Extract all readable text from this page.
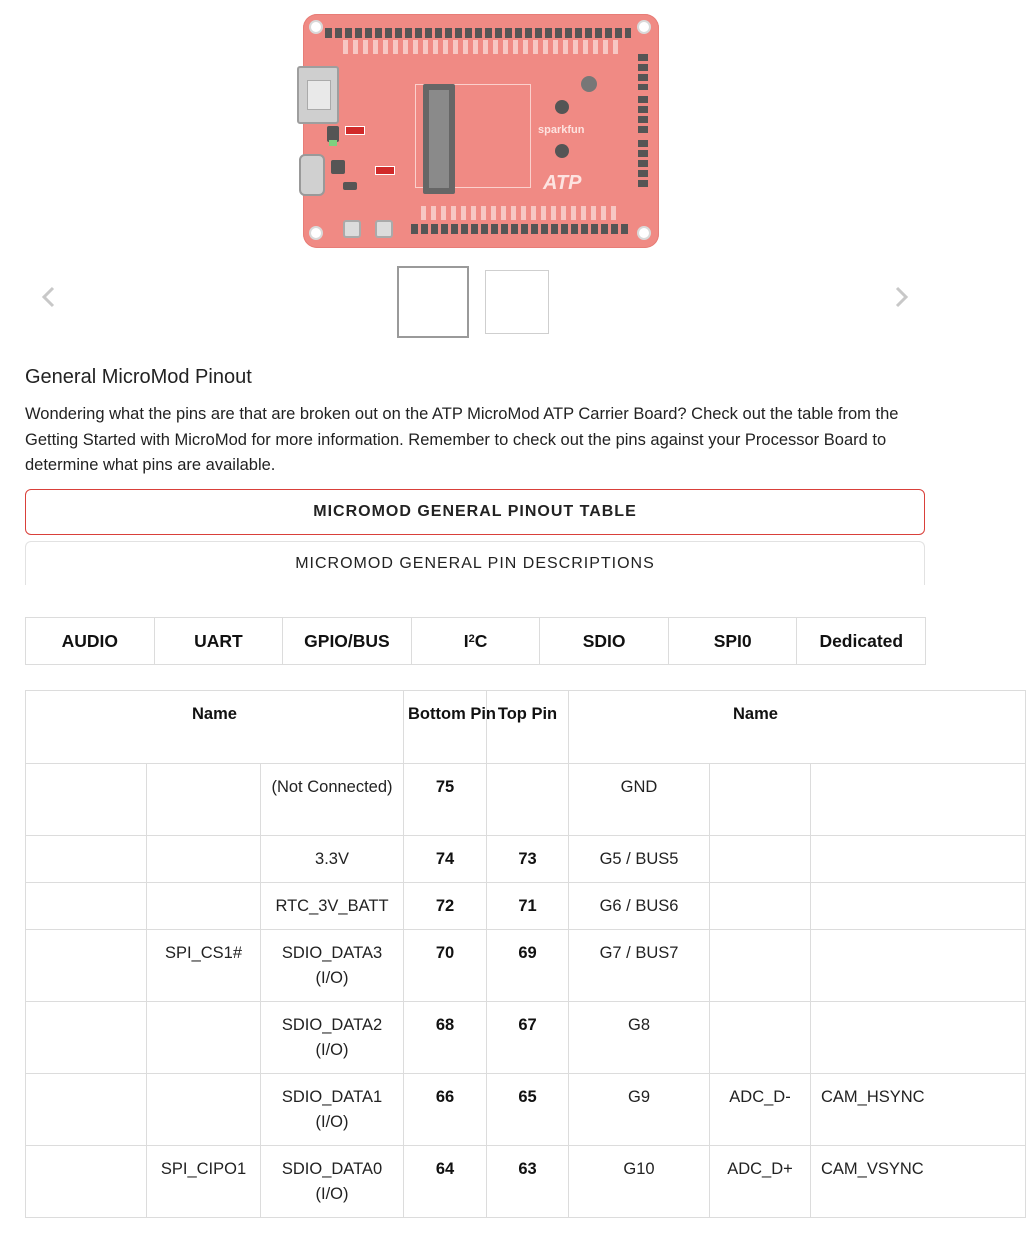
sparkfun
ATP
General MicroMod Pinout

Wondering what the pins are that are broken out on the ATP MicroMod ATP Carrier Board? Check out the table from the Getting Started with MicroMod for more information. Remember to check out the pins against your Processor Board to determine what pins are available.

MICROMOD GENERAL PINOUT TABLE
MICROMOD GENERAL PIN DESCRIPTIONS
AUDIO	UART	GPIO/BUS	$I^2$ C	SDIO	SPI0	Dedicated
Name			Bottom Pin	Top Pin	Name		
		(Not Connected)	75		GND		
		3.3V	74	73	G5 / BUS5		
		RTC_3V_BATT	72	71	G6 / BUS6		
	SPI_CS1#	SDIO_DATA3 (I/O)	70	69	G7 / BUS7		
		SDIO_DATA2 (I/O)	68	67	G8		
		SDIO_DATA1 (I/O)	66	65	G9	ADC_D-	CAM_HSYNC
	SPI_CIPO1	SDIO_DATA0 (I/O)	64	63	G10	ADC_D+	CAM_VSYNC
